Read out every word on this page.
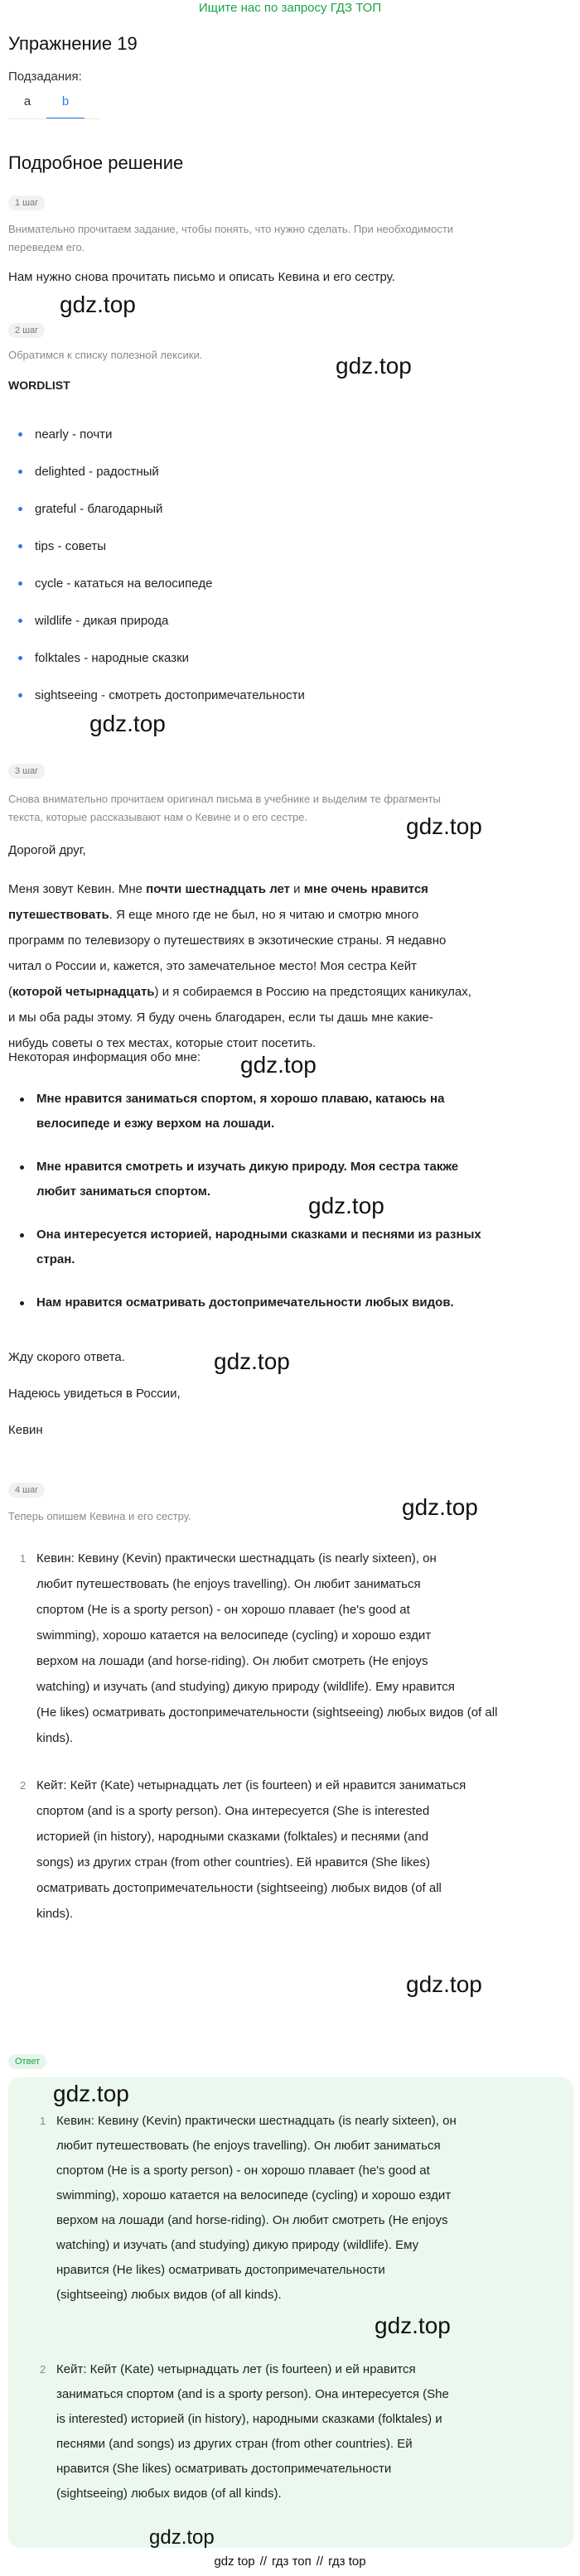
Ищите нас по запросу ГДЗ ТОП
Упражнение 19
Подзадания:
a	b
Подробное решение
1 шаг
Внимательно прочитаем задание, чтобы понять, что нужно сделать. При необходимости
переведем его.
Нам нужно снова прочитать письмо и описать Кевина и его сестру.
gdz.top
2 шаг
gdz.top
Обратимся к списку полезной лексики.
WORDLIST
nearly - почти
delighted - радостный
grateful - благодарный
tips - советы
cycle - кататься на велосипеде
wildlife - дикая природа
folktales - народные сказки
sightseeing - смотреть достопримечательности
gdz.top
3 шаг
Снова внимательно прочитаем оригинал письма в учебнике и выделим те фрагменты
текста, которые рассказывают нам о Кевине и о его сестре.	gdz.top
Дорогой друг,
Меня зовут Кевин. Мне почти шестнадцать лет и мне очень нравится
путешествовать. Я еще много где не был, но я читаю и смотрю много
программ по телевизору о путешествиях в экзотические страны. Я недавно
читал о России и, кажется, это замечательное место! Моя сестра Кейт
(которой четырнадцать) и я собираемся в Россию на предстоящих каникулах,
и мы оба рады этому. Я буду очень благодарен, если ты дашь мне какие-
нибудь советы о тех местах, которые стоит посетить.
Некоторая информация обо мне:	gdz.top
Мне нравится заниматься спортом, я хорошо плаваю, катаюсь на
велосипеде и езжу верхом на лошади.
Мне нравится смотреть и изучать дикую природу. Моя сестра также
любит заниматься спортом.
gdz.top
Она интересуется историей, народными сказками и песнями из разных
стран.
Нам нравится осматривать достопримечательности любых видов.
Жду скорого ответа.	gdz.top
Надеюсь увидеться в России,
Кевин
4 шаг
gdz.top
Теперь опишем Кевина и его сестру.
1 Кевин: Кевину (Kevin) практически шестнадцать (is nearly sixteen), он
любит путешествовать (he enjoys travelling). Он любит заниматься
спортом (He is a sporty person) - он хорошо плавает (he's good at
swimming), хорошо катается на велосипеде (cycling) и хорошо ездит
верхом на лошади (and horse-riding). Он любит смотреть (He enjoys
watching) и изучать (and studying) дикую природу (wildlife). Ему нравится
(He likes) осматривать достопримечательности (sightseeing) любых видов (of all
kinds).
2 Кейт: Кейт (Kate) четырнадцать лет (is fourteen) и ей нравится заниматься
спортом (and is a sporty person). Она интересуется (She is interested
историей (in history), народными сказками (folktales) и песнями (and
songs) из других стран (from other countries). Ей нравится (She likes)
осматривать достопримечательности (sightseeing) любых видов (of all
kinds).
gdz.top
Ответ
gdz.top
1 Кевин: Кевину (Kevin) практически шестнадцать (is nearly sixteen), он
любит путешествовать (he enjoys travelling). Он любит заниматься
спортом (He is a sporty person) - он хорошо плавает (he's good at
swimming), хорошо катается на велосипеде (cycling) и хорошо ездит
верхом на лошади (and horse-riding). Он любит смотреть (He enjoys
watching) и изучать (and studying) дикую природу (wildlife). Ему
нравится (He likes) осматривать достопримечательности
(sightseeing) любых видов (of all kinds).
gdz.top
2 Кейт: Кейт (Kate) четырнадцать лет (is fourteen) и ей нравится
заниматься спортом (and is a sporty person). Она интересуется (She
is interested) историей (in history), народными сказками (folktales) и
песнями (and songs) из других стран (from other countries). Ей
нравится (She likes) осматривать достопримечательности
(sightseeing) любых видов (of all kinds).
gdz.top
gdz top // гдз топ // гдз top
